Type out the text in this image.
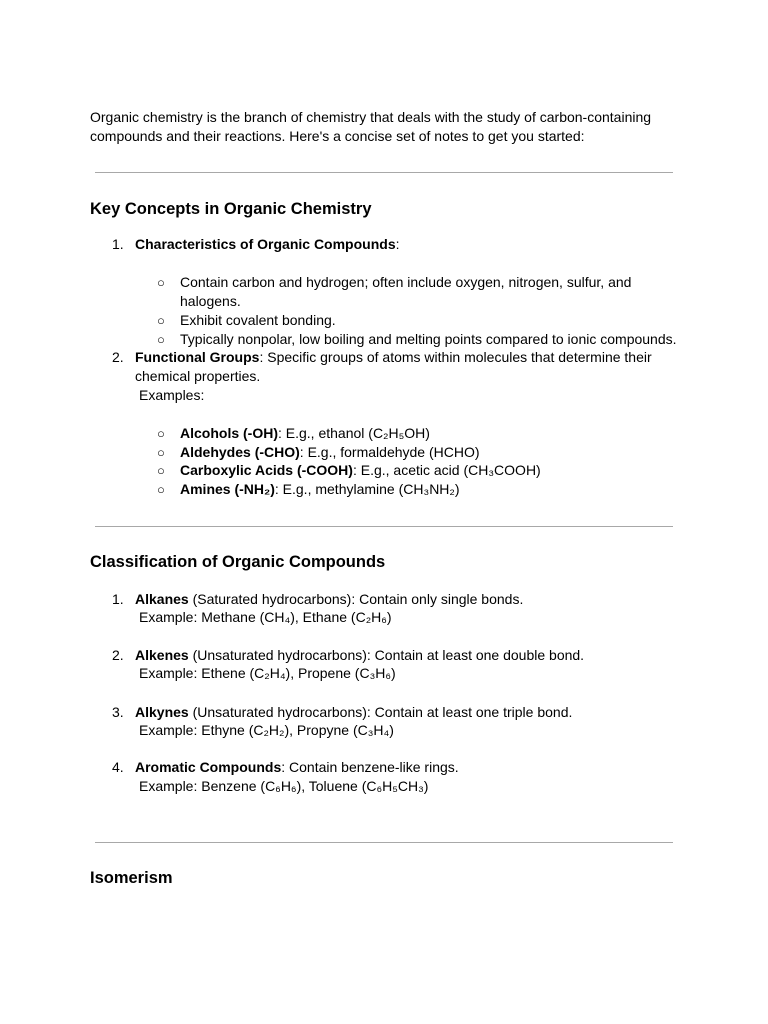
Organic chemistry is the branch of chemistry that deals with the study of carbon-containing compounds and their reactions. Here's a concise set of notes to get you started:

Key Concepts in Organic Chemistry
1. Characteristics of Organic Compounds:

○ Contain carbon and hydrogen; often include oxygen, nitrogen, sulfur, and halogens.

○ Exhibit covalent bonding.

○ Typically nonpolar, low boiling and melting points compared to ionic compounds.

2. Functional Groups: Specific groups of atoms within molecules that determine their chemical properties.

Examples:

○ Alcohols (-OH): E.g., ethanol (C₂H₅OH)

○ Aldehydes (-CHO): E.g., formaldehyde (HCHO)

○ Carboxylic Acids (-COOH): E.g., acetic acid (CH₃COOH)

○ Amines (-NH₂): E.g., methylamine (CH₃NH₂)

Classification of Organic Compounds
1. Alkanes (Saturated hydrocarbons): Contain only single bonds.

Example: Methane (CH₄), Ethane (C₂H₆)

2. Alkenes (Unsaturated hydrocarbons): Contain at least one double bond.

Example: Ethene (C₂H₄), Propene (C₃H₆)

3. Alkynes (Unsaturated hydrocarbons): Contain at least one triple bond.

Example: Ethyne (C₂H₂), Propyne (C₃H₄)

4. Aromatic Compounds: Contain benzene-like rings.

Example: Benzene (C₆H₆), Toluene (C₆H₅CH₃)

Isomerism
